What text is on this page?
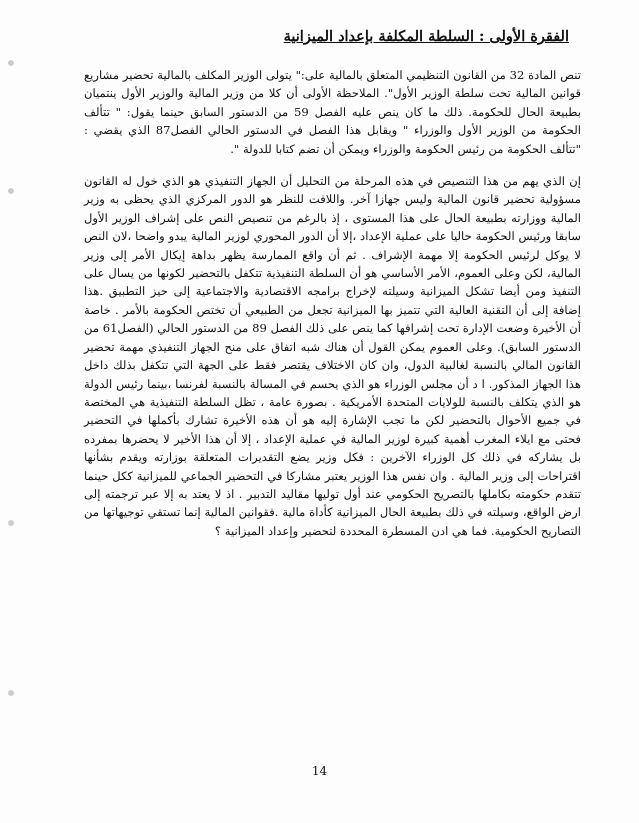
الفقرة الأولى : السلطة المكلفة بإعداد الميزانية

تنص المادة 32 من القانون التنظيمي المتعلق بالمالية على:" يتولى الوزير المكلف بالمالية تحضير مشاريع قوانين المالية تحت سلطة الوزير الأول". الملاحظة الأولى أن كلا من وزير المالية والوزير الأول ينتميان بطبيعة الحال للحكومة. ذلك ما كان ينص عليه الفصل 59 من الدستور السابق حينما يقول: " تتألف الحكومة من الوزير الأول والوزراء " ويقابل هذا الفصل في الدستور الحالي الفصل87 الذي يقضي : "تتألف الحكومة من رئيس الحكومة والوزراء ويمكن أن تضم كتابا للدولة ".

إن الذي يهم من هذا التنصيص في هذه المرحلة من التحليل أن الجهاز التنفيذي هو الذي خول له القانون مسؤولية تحضير قانون المالية وليس جهازا آخر. واللافت للنظر هو الدور المركزي الذي يحظى به وزير المالية ووزارته بطبيعة الحال على هذا المستوى ، إذ بالرغم من تنصيص النص على إشراف الوزير الأول سابقا ورئيس الحكومة حاليا على عملية الإعداد ،إلا أن الدور المحوري لوزير المالية يبدو واضحا ،لان النص لا يوكل لرئيس الحكومة إلا مهمة الإشراف . ثم أن واقع الممارسة يظهر بداهة إيكال الأمر إلى وزير المالية، لكن وعلى العموم، الأمر الأساسي هو أن السلطة التنفيذية تتكفل بالتحضير لكونها من يسال على التنفيذ ومن أيضا تشكل الميزانية وسيلته لإخراج برامجه الاقتصادية والاجتماعية إلى حيز التطبيق .هذا إضافة إلى أن التقنية العالية التي تتميز بها الميزانية تجعل من الطبيعي أن تختص الحكومة بالأمر . خاصة أن الأخيرة وضعت الإدارة تحت إشرافها كما ينص على ذلك الفصل 89 من الدستور الحالي (الفصل61 من الدستور السابق). وعلى العموم يمكن القول أن هناك شبه اتفاق على منح الجهاز التنفيذي مهمة تحضير القانون المالي بالنسبة لغالبية الدول، وان كان الاختلاف يقتصر فقط على الجهة التي تتكفل بذلك داخل هذا الجهاز المذكور. ا د أن مجلس الوزراء هو الذي يحسم في المسالة بالنسبة لفرنسا ،بينما رئيس الدولة هو الذي يتكلف بالنسبة للولايات المتحدة الأمريكية . بصورة عامة ، تظل السلطة التنفيذية هي المختصة في جميع الأحوال بالتحضير لكن ما تجب الإشارة إليه هو أن هذه الأخيرة تشارك بأكملها في التحضير فحتى مع ايلاء المغرب أهمية كبيرة لوزير المالية في عملية الإعداد ، إلا أن هذا الأخير لا يحضرها بمفرده بل يشاركه في ذلك كل الوزراء الآخرين : فكل وزير يضع التقديرات المتعلقة بوزارته ويقدم بشأنها اقتراحات إلى وزير المالية . وان نفس هذا الوزير يعتبر مشاركا في التحضير الجماعي للميزانية ككل حينما تتقدم حكومته بكاملها بالتصريح الحكومي عند أول توليها مقاليد التدبير . اذ لا يعتد به إلا عبر ترجمته إلى ارض الواقع، وسيلته في ذلك بطبيعة الحال الميزانية كأداة مالية .فقوانين المالية إنما تستقي توجيهاتها من التصاريح الحكومية. فما هي ادن المسطرة المحددة لتحضير وإعداد الميزانية ؟

14
